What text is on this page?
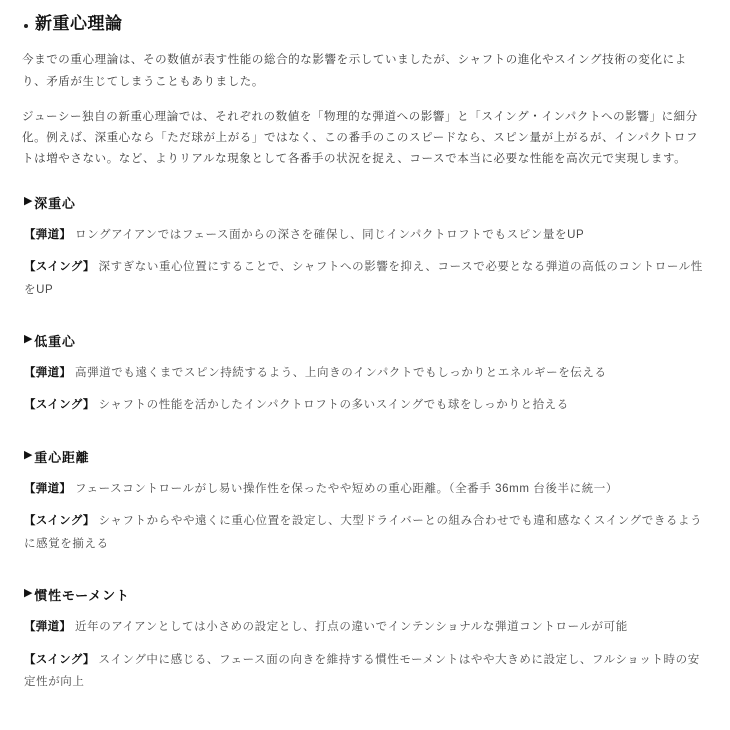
新重心理論

今までの重心理論は、その数値が表す性能の総合的な影響を示していましたが、シャフトの進化やスイング技術の変化により、矛盾が生じてしまうこともありました。

ジューシー独自の新重心理論では、それぞれの数値を「物理的な弾道への影響」と「スイング・インパクトへの影響」に細分化。例えば、深重心なら「ただ球が上がる」ではなく、この番手のこのスピードなら、スピン量が上がるが、インパクトロフトは増やさない。など、よりリアルな現象として各番手の状況を捉え、コースで本当に必要な性能を高次元で実現します。

▶ 深重心

【弾道】 ロングアイアンではフェース面からの深さを確保し、同じインパクトロフトでもスピン量をUP

【スイング】 深すぎない重心位置にすることで、シャフトへの影響を抑え、コースで必要となる弾道の高低のコントロール性をUP

▶ 低重心

【弾道】 高弾道でも遠くまでスピン持続するよう、上向きのインパクトでもしっかりとエネルギーを伝える

【スイング】 シャフトの性能を活かしたインパクトロフトの多いスイングでも球をしっかりと拾える

▶ 重心距離

【弾道】 フェースコントロールがし易い操作性を保ったやや短めの重心距離。（全番手 36mm 台後半に統一）

【スイング】 シャフトからやや遠くに重心位置を設定し、大型ドライバーとの組み合わせでも違和感なくスイングできるように感覚を揃える

▶ 慣性モーメント

【弾道】 近年のアイアンとしては小さめの設定とし、打点の違いでインテンショナルな弾道コントロールが可能

【スイング】 スイング中に感じる、フェース面の向きを維持する慣性モーメントはやや大きめに設定し、フルショット時の安定性が向上
